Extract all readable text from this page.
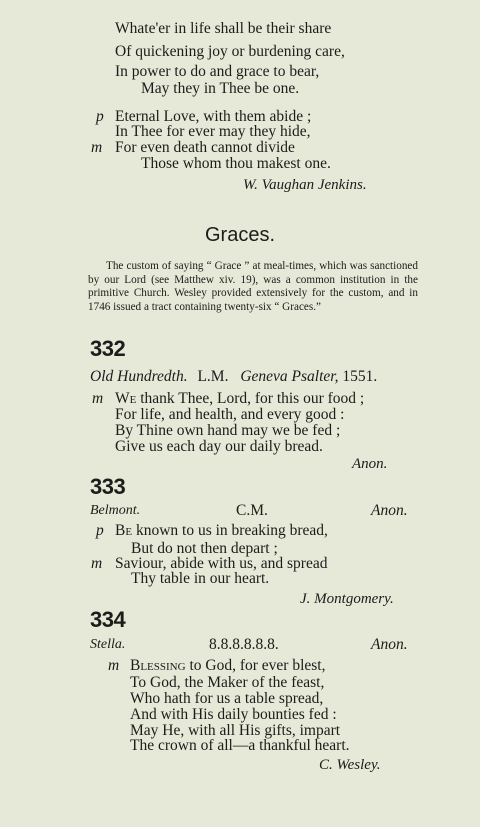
Whate'er in life shall be their share
Of quickening joy or burdening care,
In power to do and grace to bear,
May they in Thee be one.
p Eternal Love, with them abide ;
In Thee for ever may they hide,
m For even death cannot divide
Those whom thou makest one.
W. Vaughan Jenkins.
Graces.
The custom of saying “ Grace ” at meal-times, which was sanctioned by our Lord (see Matthew xiv. 19), was a common institution in the primitive Church. Wesley provided extensively for the custom, and in 1746 issued a tract containing twenty-six “ Graces.”
332
Old Hundredth. L.M. Geneva Psalter, 1551.
m We thank Thee, Lord, for this our food ;
For life, and health, and every good :
By Thine own hand may we be fed ;
Give us each day our daily bread.
Anon.
333
Belmont.	C.M.	Anon.
p Be known to us in breaking bread,
But do not then depart ;
m Saviour, abide with us, and spread
Thy table in our heart.
J. Montgomery.
334
Stella.	8.8.8.8.8.8.	Anon.
m Blessing to God, for ever blest,
To God, the Maker of the feast,
Who hath for us a table spread,
And with His daily bounties fed :
May He, with all His gifts, impart
The crown of all—a thankful heart.
C. Wesley.
